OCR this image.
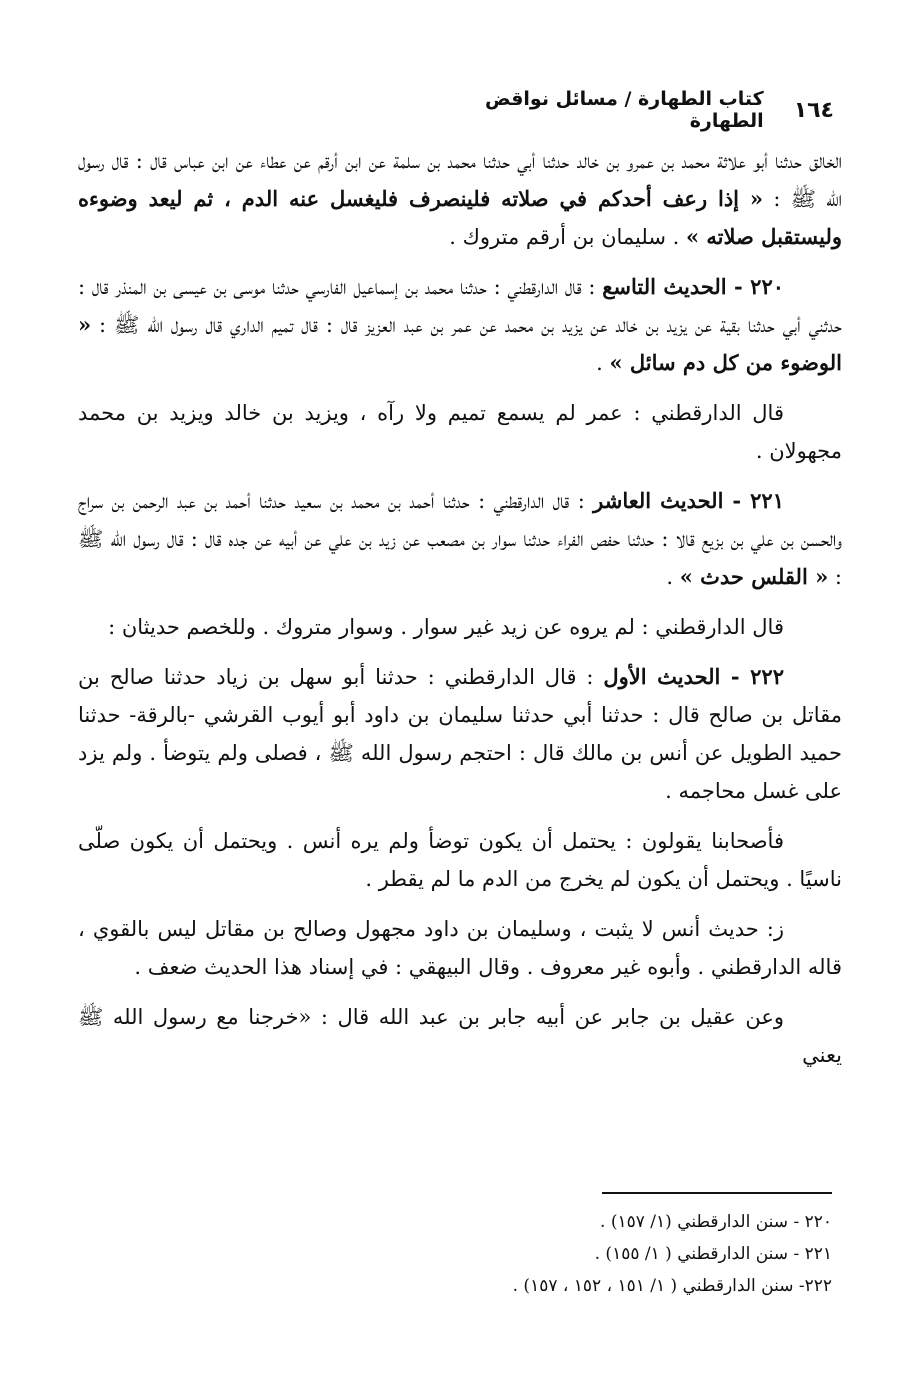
١٦٤
كتاب الطهارة / مسائل نواقض الطهارة

الخالق حدثنا أبو علاثة محمد بن عمرو بن خالد حدثنا أبي حدثنا محمد بن سلمة عن ابن أرقم عن عطاء عن ابن عباس قال : قال رسول الله ﷺ : « إذا رعف أحدكم في صلاته فلينصرف فليغسل عنه الدم ، ثم ليعد وضوءه وليستقبل صلاته » . سليمان بن أرقم متروك .

٢٢٠ - الحديث التاسع : قال الدارقطني : حدثنا محمد بن إسماعيل الفارسي حدثنا موسى بن عيسى بن المنذر قال : حدثني أبي حدثنا بقية عن يزيد بن خالد عن يزيد بن محمد عن عمر بن عبد العزيز قال : قال تميم الداري قال رسول الله ﷺ : « الوضوء من كل دم سائل » .

قال الدارقطني : عمر لم يسمع تميم ولا رآه ، ويزيد بن خالد ويزيد بن محمد مجهولان .

٢٢١ - الحديث العاشر : قال الدارقطني : حدثنا أحمد بن محمد بن سعيد حدثنا أحمد بن عبد الرحمن بن سراج والحسن بن علي بن بزيع قالا : حدثنا حفص الفراء حدثنا سوار بن مصعب عن زيد بن علي عن أبيه عن جده قال : قال رسول الله ﷺ : « القلس حدث » .

قال الدارقطني : لم يروه عن زيد غير سوار . وسوار متروك . وللخصم حديثان :

٢٢٢ - الحديث الأول : قال الدارقطني : حدثنا أبو سهل بن زياد حدثنا صالح بن مقاتل بن صالح قال : حدثنا أبي حدثنا سليمان بن داود أبو أيوب القرشي -بالرقة- حدثنا حميد الطويل عن أنس بن مالك قال : احتجم رسول الله ﷺ ، فصلى ولم يتوضأ . ولم يزد على غسل محاجمه .

فأصحابنا يقولون : يحتمل أن يكون توضأ ولم يره أنس . ويحتمل أن يكون صلّى ناسيًا . ويحتمل أن يكون لم يخرج من الدم ما لم يقطر .

ز: حديث أنس لا يثبت ، وسليمان بن داود مجهول وصالح بن مقاتل ليس بالقوي ، قاله الدارقطني . وأبوه غير معروف . وقال البيهقي : في إسناد هذا الحديث ضعف .

وعن عقيل بن جابر عن أبيه جابر بن عبد الله قال : «خرجنا مع رسول الله ﷺ يعني

٢٢٠ - سنن الدارقطني (١/ ١٥٧) .

٢٢١ - سنن الدارقطني ( ١/ ١٥٥) .

٢٢٢- سنن الدارقطني ( ١/ ١٥١ ، ١٥٢ ، ١٥٧) .
